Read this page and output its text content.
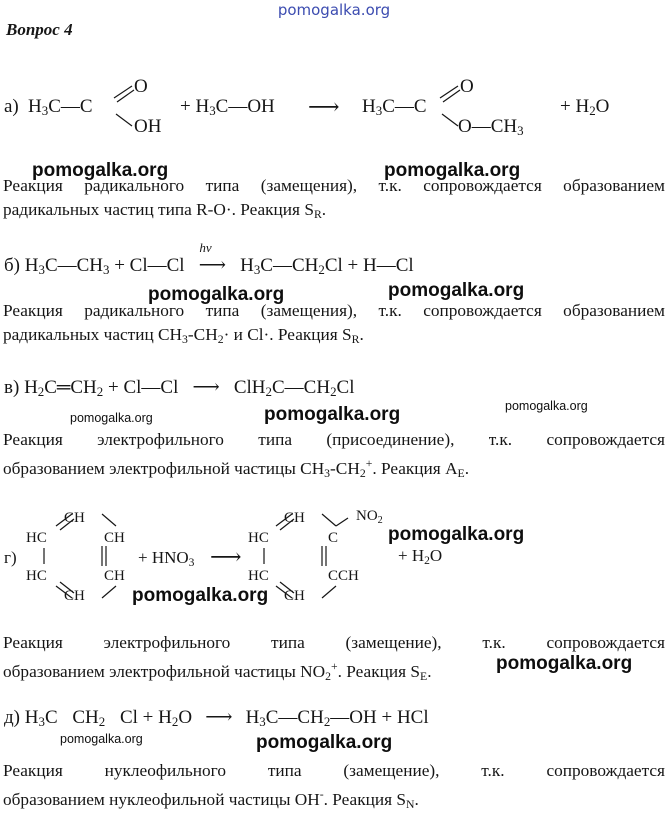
pomogalka.org
Вопрос 4
а) $H_3C—C$
O
OH
+ $H_3C—OH$ ⟶ $H_3C—C$
O
$O—CH_3$
+ $H_2O$
Реакция радикального типа (замещения), т.к. сопровождается образованием
радикальных частиц типа R-O·. Реакция $S_R$.
б) $H_3C—CH_3$ + Cl—Cl
hν
⟶ $H_3C—CH_2Cl$ + H—Cl
Реакция радикального типа (замещения), т.к. сопровождается образованием
радикальных частиц $CH_3-CH_2\cdot и$ Cl·. Реакция $S_R$.
в) $H_2C═CH_2$ + Cl—Cl ⟶ $ClH_2C—CH_2Cl$
Реакция электрофильного типа (присоединение), т.к. сопровождается
образованием электрофильной частицы $CH_3-CH_2^+$. Реакция $A_E$.
г)
CH
HC	CH
HC	CH
CH
+ $HNO_3$ ⟶
CH
C
HC
C
HC	CH
CH
$NO_2$
+ $H_2O$
Реакция электрофильного типа (замещение), т.к. сопровождается
образованием электрофильной частицы $NO_2^+$. Реакция $S_E$.
д) $H_3C$ $CH_2$ $Cl + H_2O$ ⟶ $H_3C—CH_2—OH$ + HCl
Реакция нуклеофильного типа (замещение), т.к. сопровождается
образованием нуклеофильной частицы OH-. Реакция $S_N$.
pomogalka.org	pomogalka.org
pomogalka.org	pomogalka.org
pomogalka.org	pomogalka.org	pomogalka.org
pomogalka.org
pomogalka.org
pomogalka.org
pomogalka.org	pomogalka.org
